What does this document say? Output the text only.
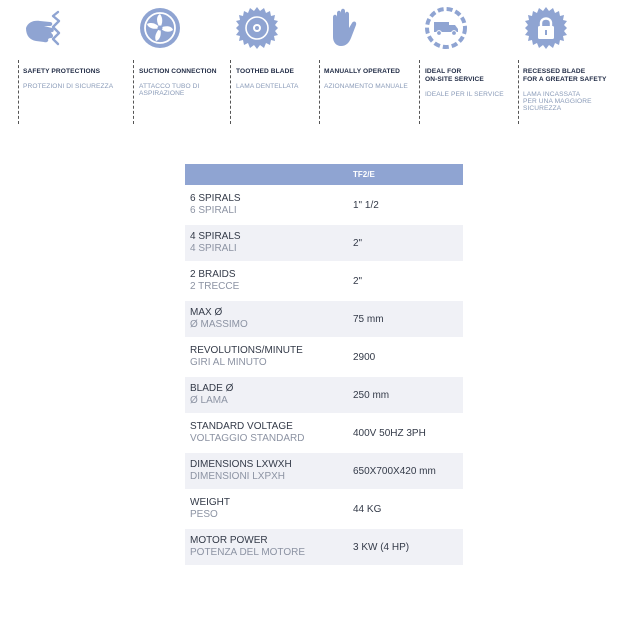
SAFETY PROTECTIONS
PROTEZIONI DI SICUREZZA
SUCTION CONNECTION
ATTACCO TUBO DI
ASPIRAZIONE
TOOTHED BLADE
LAMA DENTELLATA
MANUALLY OPERATED
AZIONAMENTO MANUALE
IDEAL FOR
ON-SITE SERVICE
IDEALE PER IL SERVICE
RECESSED BLADE
FOR A GREATER SAFETY
LAMA INCASSATA
PER UNA MAGGIORE
SICUREZZA
TF2/E	

6 SPIRALS
6 SPIRALI	1" 1/2

4 SPIRALS
4 SPIRALI	2"

2 BRAIDS
2 TRECCE	2"

MAX Ø
Ø MASSIMO	75 mm

REVOLUTIONS/MINUTE
GIRI AL MINUTO	2900

BLADE Ø
Ø LAMA	250 mm

STANDARD VOLTAGE
VOLTAGGIO STANDARD	400V 50HZ 3PH

DIMENSIONS LXWXH
DIMENSIONI LXPXH	650X700X420 mm

WEIGHT
PESO	44 KG

MOTOR POWER
POTENZA DEL MOTORE	3 KW (4 HP)
